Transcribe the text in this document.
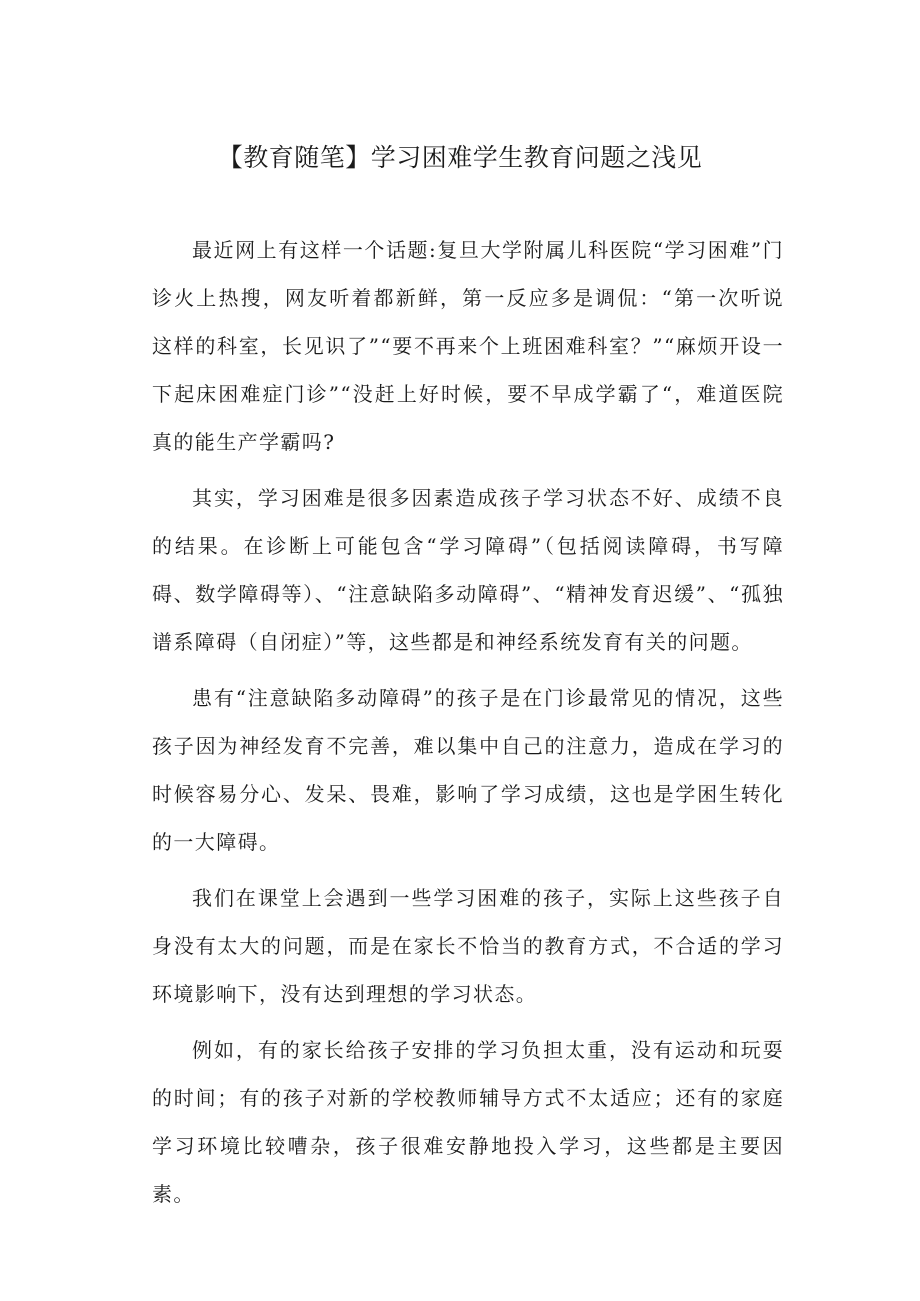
【教育随笔】学习困难学生教育问题之浅见

最近网上有这样一个话题:复旦大学附属儿科医院“学习困难”门诊火上热搜，网友听着都新鲜，第一反应多是调侃：“第一次听说这样的科室，长见识了”“要不再来个上班困难科室？”“麻烦开设一下起床困难症门诊”“没赶上好时候，要不早成学霸了“，难道医院真的能生产学霸吗?

其实，学习困难是很多因素造成孩子学习状态不好、成绩不良的结果。在诊断上可能包含“学习障碍”（包括阅读障碍，书写障碍、数学障碍等）、“注意缺陷多动障碍”、“精神发育迟缓”、“孤独谱系障碍（自闭症）”等，这些都是和神经系统发育有关的问题。

患有“注意缺陷多动障碍”的孩子是在门诊最常见的情况，这些孩子因为神经发育不完善，难以集中自己的注意力，造成在学习的时候容易分心、发呆、畏难，影响了学习成绩，这也是学困生转化的一大障碍。

我们在课堂上会遇到一些学习困难的孩子，实际上这些孩子自身没有太大的问题，而是在家长不恰当的教育方式，不合适的学习环境影响下，没有达到理想的学习状态。

例如，有的家长给孩子安排的学习负担太重，没有运动和玩耍的时间；有的孩子对新的学校教师辅导方式不太适应；还有的家庭学习环境比较嘈杂，孩子很难安静地投入学习，这些都是主要因素。
